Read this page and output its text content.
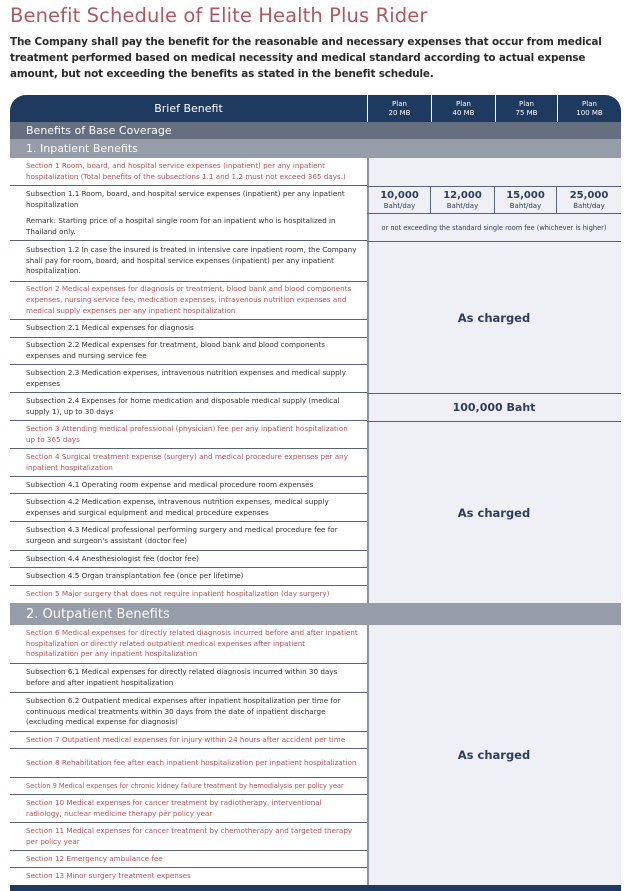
Benefit Schedule of Elite Health Plus Rider
The Company shall pay the benefit for the reasonable and necessary expenses that occur from medical treatment performed based on medical necessity and medical standard according to actual expense amount, but not exceeding the benefits as stated in the benefit schedule.
Brief Benefit	Plan
20 MB
Plan
40 MB
Plan
75 MB
Plan
100 MB
Benefits of Base Coverage
1. Inpatient Benefits
Section 1 Room, board, and hospital service expenses (inpatient) per any inpatient hospitalization (Total benefits of the subsections 1.1 and 1.2 must not exceed 365 days.)
Subsection 1.1 Room, board, and hospital service expenses (inpatient) per any inpatient hospitalization
Remark: Starting price of a hospital single room for an inpatient who is hospitalized in Thailand only.
Subsection 1.2 In case the insured is treated in intensive care inpatient room, the Company shall pay for room, board, and hospital service expenses (inpatient) per any inpatient hospitalization.
Section 2 Medical expenses for diagnosis or treatment, blood bank and blood components expenses, nursing service fee, medication expenses, intravenous nutrition expenses and medical supply expenses per any inpatient hospitalization
Subsection 2.1 Medical expenses for diagnosis
Subsection 2.2 Medical expenses for treatment, blood bank and blood components expenses and nursing service fee
Subsection 2.3 Medication expenses, intravenous nutrition expenses and medical supply expenses
Subsection 2.4 Expenses for home medication and disposable medical supply (medical supply 1), up to 30 days
Section 3 Attending medical professional (physician) fee per any inpatient hospitalization up to 365 days
Section 4 Surgical treatment expense (surgery) and medical procedure expenses per any inpatient hospitalization
Subsection 4.1 Operating room expense and medical procedure room expenses
Subsection 4.2 Medication expense, intravenous nutrition expenses, medical supply expenses and surgical equipment and medical procedure expenses
Subsection 4.3 Medical professional performing surgery and medical procedure fee for surgeon and surgeon's assistant (doctor fee)
Subsection 4.4 Anesthesiologist fee (doctor fee)
Subsection 4.5 Organ transplantation fee (once per lifetime)
Section 5 Major surgery that does not require inpatient hospitalization (day surgery)
10,000
Baht/day
12,000
Baht/day
15,000
Baht/day
25,000
Baht/day
or not exceeding the standard single room fee (whichever is higher)
As charged
100,000 Baht
As charged
2. Outpatient Benefits
Section 6 Medical expenses for directly related diagnosis incurred before and after inpatient hospitalization or directly related outpatient medical expenses after inpatient hospitalization per any inpatient hospitalization
Subsection 6.1 Medical expenses for directly related diagnosis incurred within 30 days before and after inpatient hospitalization
Subsection 6.2 Outpatient medical expenses after inpatient hospitalization per time for continuous medical treatments within 30 days from the date of inpatient discharge (excluding medical expense for diagnosis)
Section 7 Outpatient medical expenses for injury within 24 hours after accident per time
Section 8 Rehabilitation fee after each inpatient hospitalization per inpatient hospitalization
Section 9 Medical expenses for chronic kidney failure treatment by hemodialysis per policy year
Section 10 Medical expenses for cancer treatment by radiotherapy, interventional radiology, nuclear medicine therapy per policy year
Section 11 Medical expenses for cancer treatment by chemotherapy and targeted therapy per policy year
Section 12 Emergency ambulance fee
Section 13 Minor surgery treatment expenses
As charged
